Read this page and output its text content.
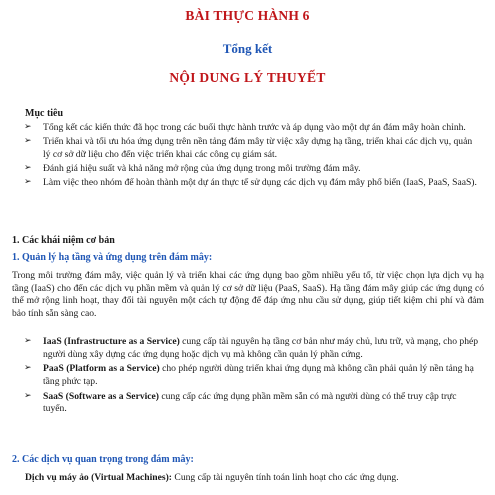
BÀI THỰC HÀNH 6
Tổng kết
NỘI DUNG LÝ THUYẾT
Mục tiêu
➢ Tổng kết các kiến thức đã học trong các buổi thực hành trước và áp dụng vào một dự án đám mây hoàn chỉnh.
➢ Triển khai và tối ưu hóa ứng dụng trên nền tảng đám mây từ việc xây dựng hạ tầng, triển khai các dịch vụ, quản lý cơ sở dữ liệu cho đến việc triển khai các công cụ giám sát.
➢ Đánh giá hiệu suất và khả năng mở rộng của ứng dụng trong môi trường đám mây.
➢ Làm việc theo nhóm để hoàn thành một dự án thực tế sử dụng các dịch vụ đám mây phổ biến (IaaS, PaaS, SaaS).
1. Các khái niệm cơ bản
1. Quản lý hạ tầng và ứng dụng trên đám mây:
Trong môi trường đám mây, việc quản lý và triển khai các ứng dụng bao gồm nhiều yếu tố, từ việc chọn lựa dịch vụ hạ tầng (IaaS) cho đến các dịch vụ phần mềm và quản lý cơ sở dữ liệu (PaaS, SaaS). Hạ tầng đám mây giúp các ứng dụng có thể mở rộng linh hoạt, thay đổi tài nguyên một cách tự động để đáp ứng nhu cầu sử dụng, giúp tiết kiệm chi phí và đảm bảo tính sẵn sàng cao.
➢ IaaS (Infrastructure as a Service) cung cấp tài nguyên hạ tầng cơ bản như máy chủ, lưu trữ, và mạng, cho phép người dùng xây dựng các ứng dụng hoặc dịch vụ mà không cần quản lý phần cứng.
➢ PaaS (Platform as a Service) cho phép người dùng triển khai ứng dụng mà không cần phải quản lý nền tảng hạ tầng phức tạp.
➢ SaaS (Software as a Service) cung cấp các ứng dụng phần mềm sẵn có mà người dùng có thể truy cập trực tuyến.
2. Các dịch vụ quan trọng trong đám mây:
Dịch vụ máy ảo (Virtual Machines): Cung cấp tài nguyên tính toán linh hoạt cho các ứng dụng.
